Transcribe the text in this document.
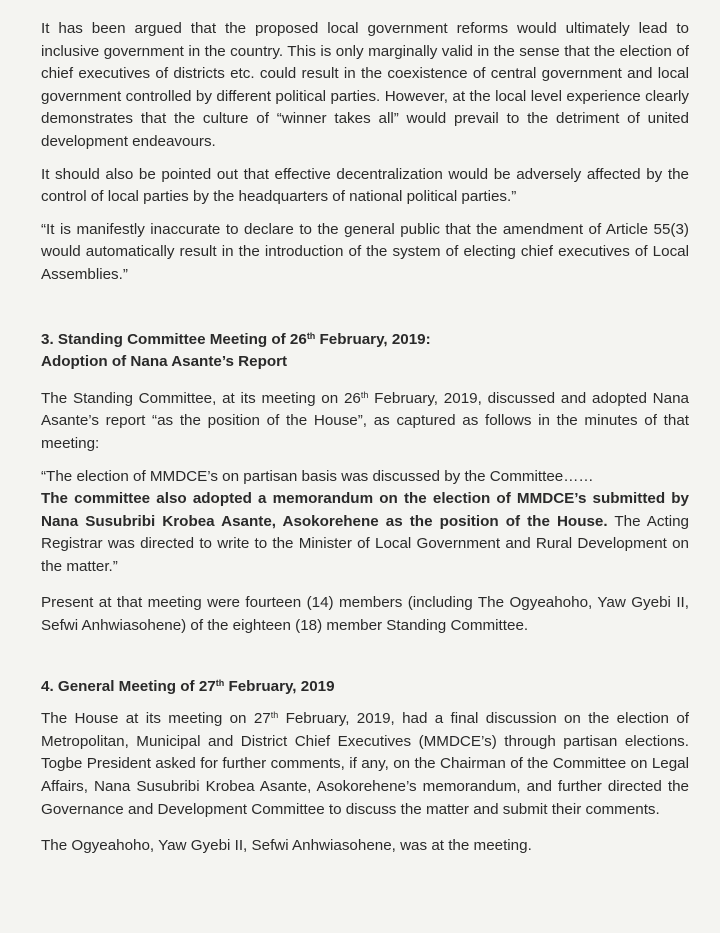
It has been argued that the proposed local government reforms would ultimately lead to inclusive government in the country. This is only marginally valid in the sense that the election of chief executives of districts etc. could result in the coexistence of central government and local government controlled by different political parties. However, at the local level experience clearly demonstrates that the culture of “winner takes all” would prevail to the detriment of united development endeavours.

It should also be pointed out that effective decentralization would be adversely affected by the control of local parties by the headquarters of national political parties.”

“It is manifestly inaccurate to declare to the general public that the amendment of Article 55(3) would automatically result in the introduction of the system of electing chief executives of Local Assemblies.”

3. Standing Committee Meeting of 26th February, 2019:

Adoption of Nana Asante’s Report

The Standing Committee, at its meeting on 26th February, 2019, discussed and adopted Nana Asante’s report “as the position of the House”, as captured as follows in the minutes of that meeting:

“The election of MMDCE’s on partisan basis was discussed by the Committee……
The committee also adopted a memorandum on the election of MMDCE’s submitted by Nana Susubribi Krobea Asante, Asokorehene as the position of the House. The Acting Registrar was directed to write to the Minister of Local Government and Rural Development on the matter.”

Present at that meeting were fourteen (14) members (including The Ogyeahoho, Yaw Gyebi II, Sefwi Anhwiasohene) of the eighteen (18) member Standing Committee.

4. General Meeting of 27th February, 2019

The House at its meeting on 27th February, 2019, had a final discussion on the election of Metropolitan, Municipal and District Chief Executives (MMDCE’s) through partisan elections. Togbe President asked for further comments, if any, on the Chairman of the Committee on Legal Affairs, Nana Susubribi Krobea Asante, Asokorehene’s memorandum, and further directed the Governance and Development Committee to discuss the matter and submit their comments.

The Ogyeahoho, Yaw Gyebi II, Sefwi Anhwiasohene, was at the meeting.
